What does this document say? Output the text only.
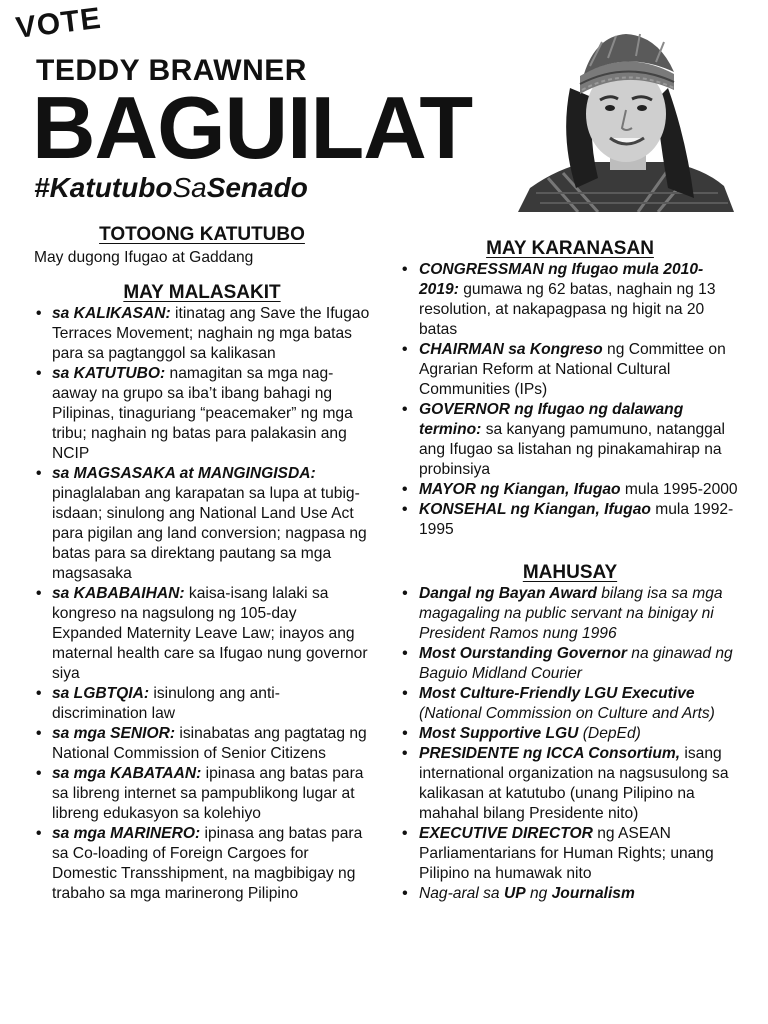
VOTE
TEDDY BRAWNER
BAGUILAT
#KatutuboSaSenado
TOTOONG KATUTUBO

May dugong Ifugao at Gaddang

MAY MALASAKIT
• sa KALIKASAN: itinatag ang Save the Ifugao Terraces Movement; naghain ng mga batas para sa pagtanggol sa kalikasan
• sa KATUTUBO: namagitan sa mga nag-aaway na grupo sa iba’t ibang bahagi ng Pilipinas, tinaguriang “peacemaker” ng mga tribu; naghain ng batas para palakasin ang NCIP
• sa MAGSASAKA at MANGINGISDA: pinaglalaban ang karapatan sa lupa at tubig-isdaan; sinulong ang National Land Use Act para pigilan ang land conversion; nagpasa ng batas para sa direktang pautang sa mga magsasaka
• sa KABABAIHAN: kaisa-isang lalaki sa kongreso na nagsulong ng 105-day Expanded Maternity Leave Law; inayos ang maternal health care sa Ifugao nung governor siya
• sa LGBTQIA: isinulong ang anti-discrimination law
• sa mga SENIOR: isinabatas ang pagtatag ng National Commission of Senior Citizens
• sa mga KABATAAN: ipinasa ang batas para sa libreng internet sa pampublikong lugar at libreng edukasyon sa kolehiyo
• sa mga MARINERO: ipinasa ang batas para sa Co-loading of Foreign Cargoes for Domestic Transshipment, na magbibigay ng trabaho sa mga marinerong Pilipino
MAY KARANASAN
• CONGRESSMAN ng Ifugao mula 2010-2019: gumawa ng 62 batas, naghain ng 13 resolution, at nakapagpasa ng higit na 20 batas
• CHAIRMAN sa Kongreso ng Committee on Agrarian Reform at National Cultural Communities (IPs)
• GOVERNOR ng Ifugao ng dalawang termino: sa kanyang pamumuno, natanggal ang Ifugao sa listahan ng pinakamahirap na probinsiya
• MAYOR ng Kiangan, Ifugao mula 1995-2000
• KONSEHAL ng Kiangan, Ifugao mula 1992-1995
MAHUSAY
• Dangal ng Bayan Award bilang isa sa mga magagaling na public servant na binigay ni President Ramos nung 1996
• Most Ourstanding Governor na ginawad ng Baguio Midland Courier
• Most Culture-Friendly LGU Executive (National Commission on Culture and Arts)
• Most Supportive LGU (DepEd)
• PRESIDENTE ng ICCA Consortium, isang international organization na nagsusulong sa kalikasan at katutubo (unang Pilipino na mahahal bilang Presidente nito)
• EXECUTIVE DIRECTOR ng ASEAN Parliamentarians for Human Rights; unang Pilipino na humawak nito
• Nag-aral sa UP ng Journalism
